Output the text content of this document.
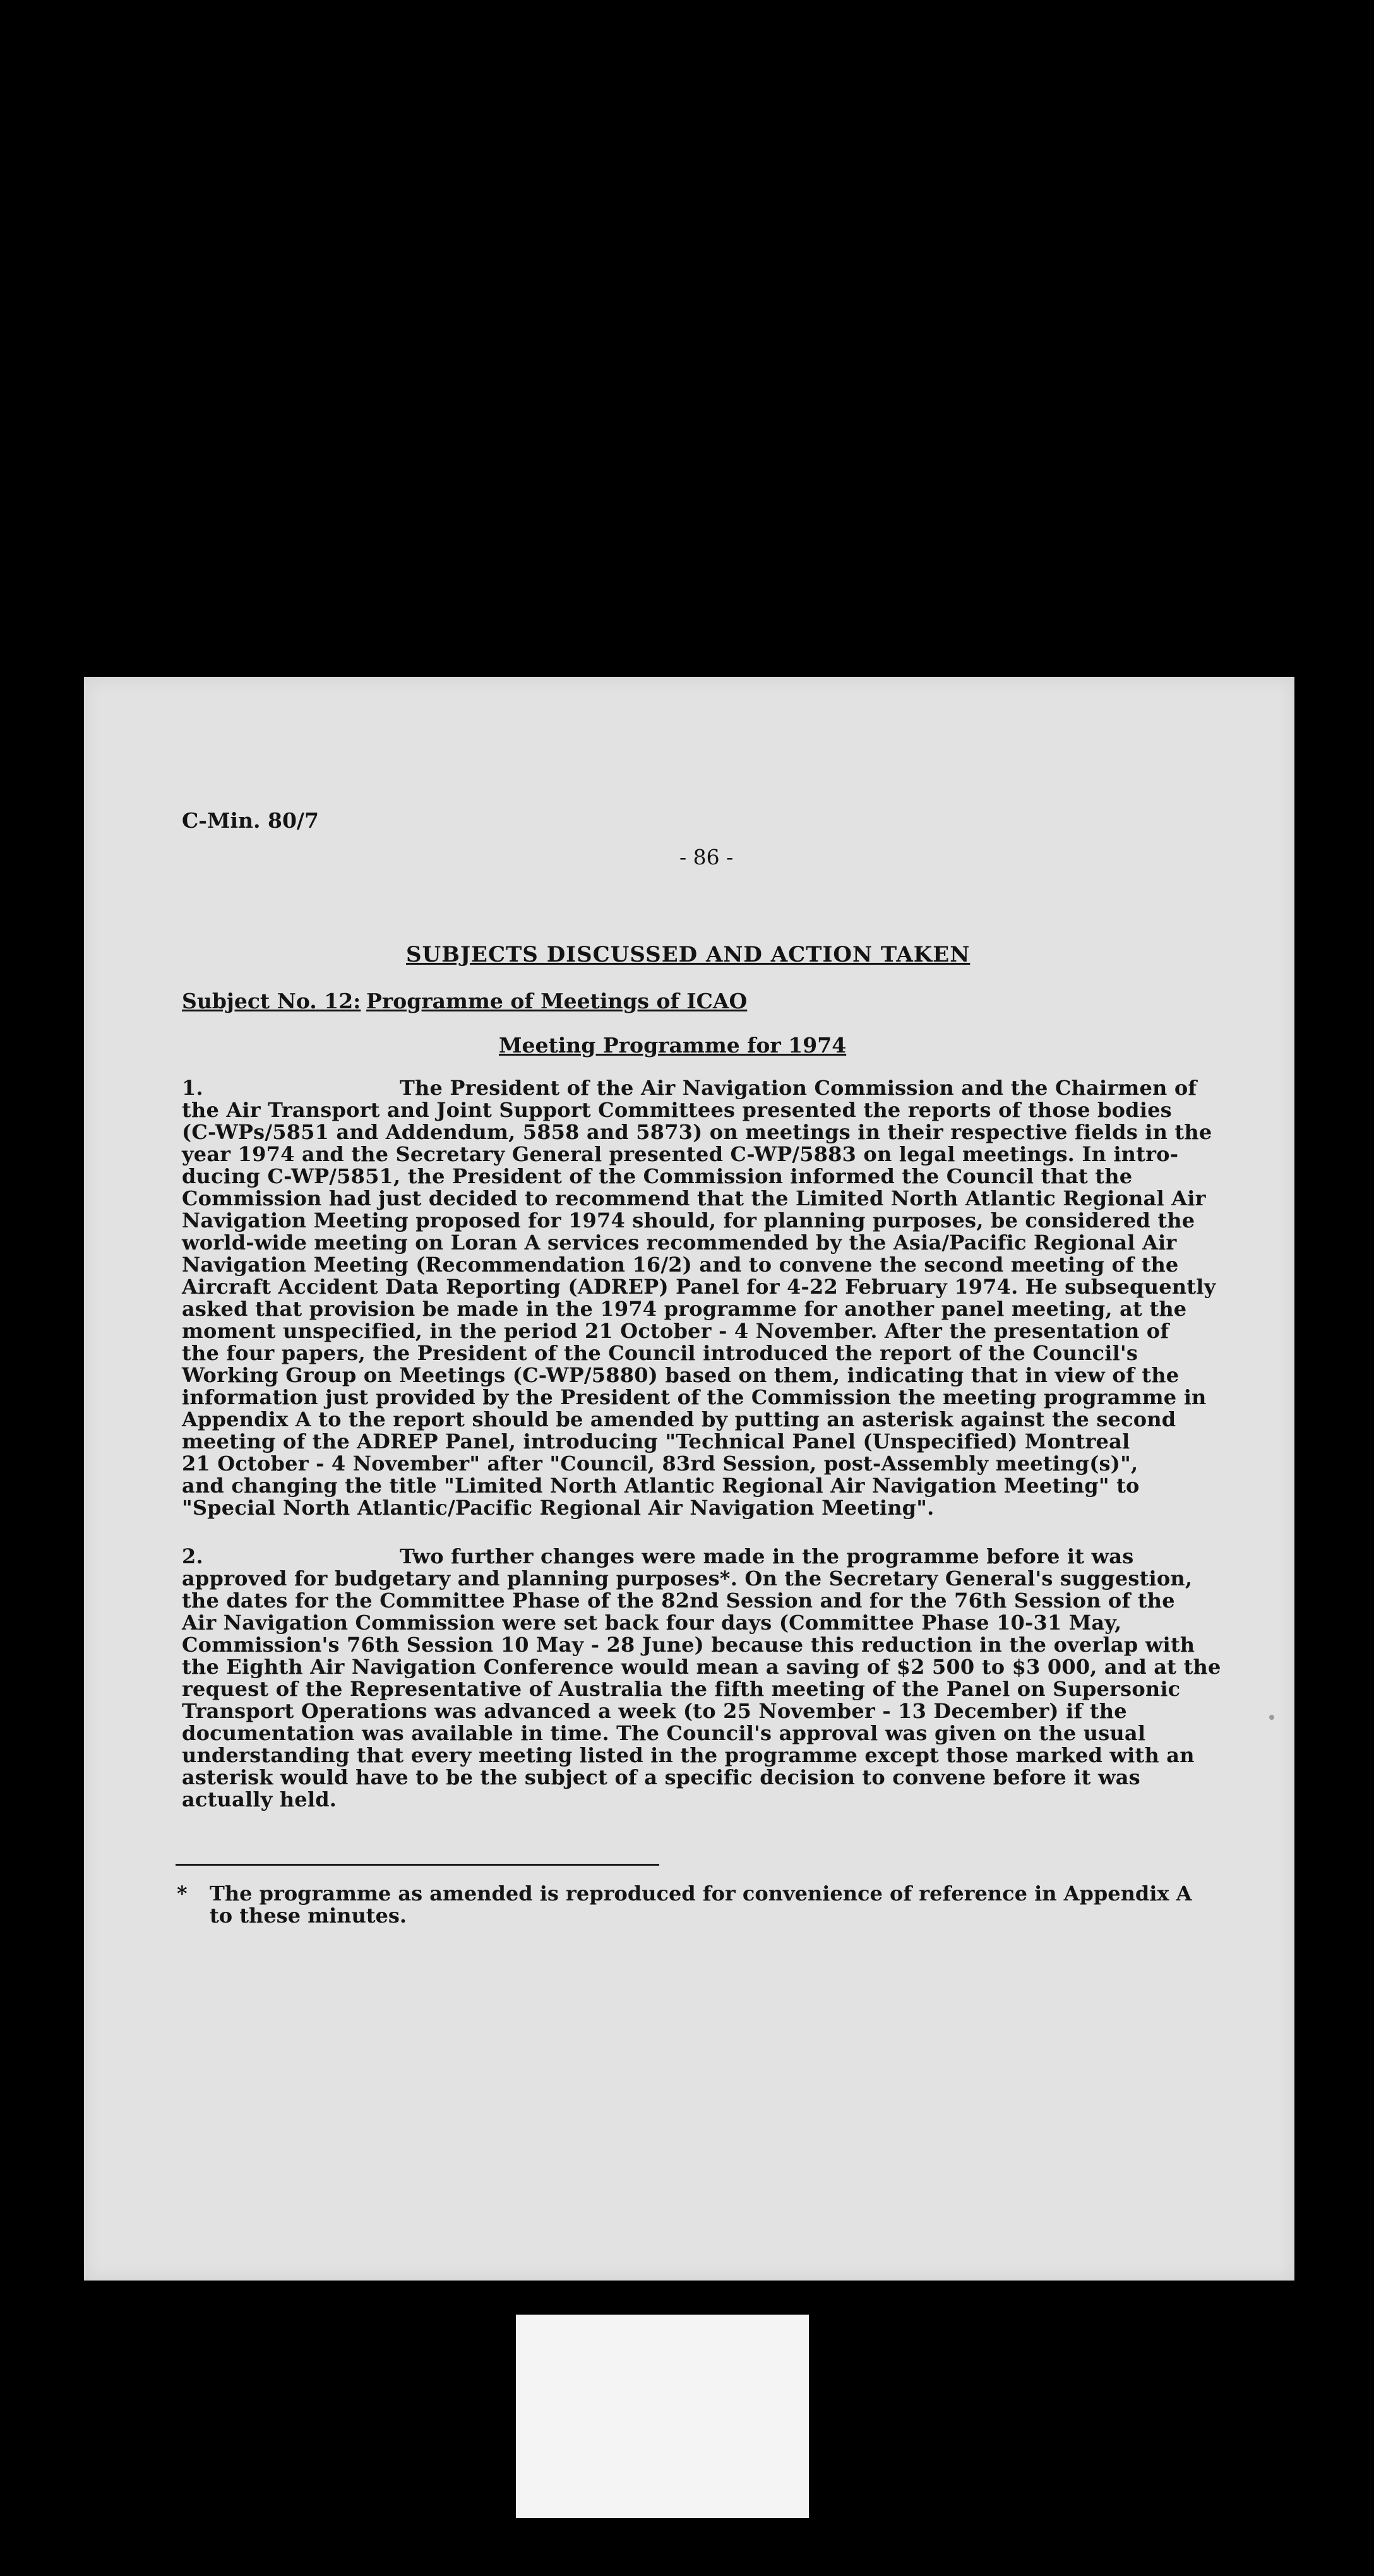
C-Min. 80/7

- 86 -

SUBJECTS DISCUSSED AND ACTION TAKEN

Subject No. 12: Programme of Meetings of ICAO

Meeting Programme for 1974

1.	The President of the Air Navigation Commission and the Chairmen of
the Air Transport and Joint Support Committees presented the reports of those bodies
(C-WPs/5851 and Addendum, 5858 and 5873) on meetings in their respective fields in the
year 1974 and the Secretary General presented C-WP/5883 on legal meetings. In intro-
ducing C-WP/5851, the President of the Commission informed the Council that the
Commission had just decided to recommend that the Limited North Atlantic Regional Air
Navigation Meeting proposed for 1974 should, for planning purposes, be considered the
world-wide meeting on Loran A services recommended by the Asia/Pacific Regional Air
Navigation Meeting (Recommendation 16/2) and to convene the second meeting of the
Aircraft Accident Data Reporting (ADREP) Panel for 4-22 February 1974. He subsequently
asked that provision be made in the 1974 programme for another panel meeting, at the
moment unspecified, in the period 21 October - 4 November. After the presentation of
the four papers, the President of the Council introduced the report of the Council's
Working Group on Meetings (C-WP/5880) based on them, indicating that in view of the
information just provided by the President of the Commission the meeting programme in
Appendix A to the report should be amended by putting an asterisk against the second
meeting of the ADREP Panel, introducing "Technical Panel (Unspecified) Montreal
21 October - 4 November" after "Council, 83rd Session, post-Assembly meeting(s)",
and changing the title "Limited North Atlantic Regional Air Navigation Meeting" to
"Special North Atlantic/Pacific Regional Air Navigation Meeting".
2.	Two further changes were made in the programme before it was
approved for budgetary and planning purposes*. On the Secretary General's suggestion,
the dates for the Committee Phase of the 82nd Session and for the 76th Session of the
Air Navigation Commission were set back four days (Committee Phase 10-31 May,
Commission's 76th Session 10 May - 28 June) because this reduction in the overlap with
the Eighth Air Navigation Conference would mean a saving of $2 500 to $3 000, and at the
request of the Representative of Australia the fifth meeting of the Panel on Supersonic
Transport Operations was advanced a week (to 25 November - 13 December) if the
documentation was available in time. The Council's approval was given on the usual
understanding that every meeting listed in the programme except those marked with an
asterisk would have to be the subject of a specific decision to convene before it was
actually held.
* The programme as amended is reproduced for convenience of reference in Appendix A
to these minutes.
